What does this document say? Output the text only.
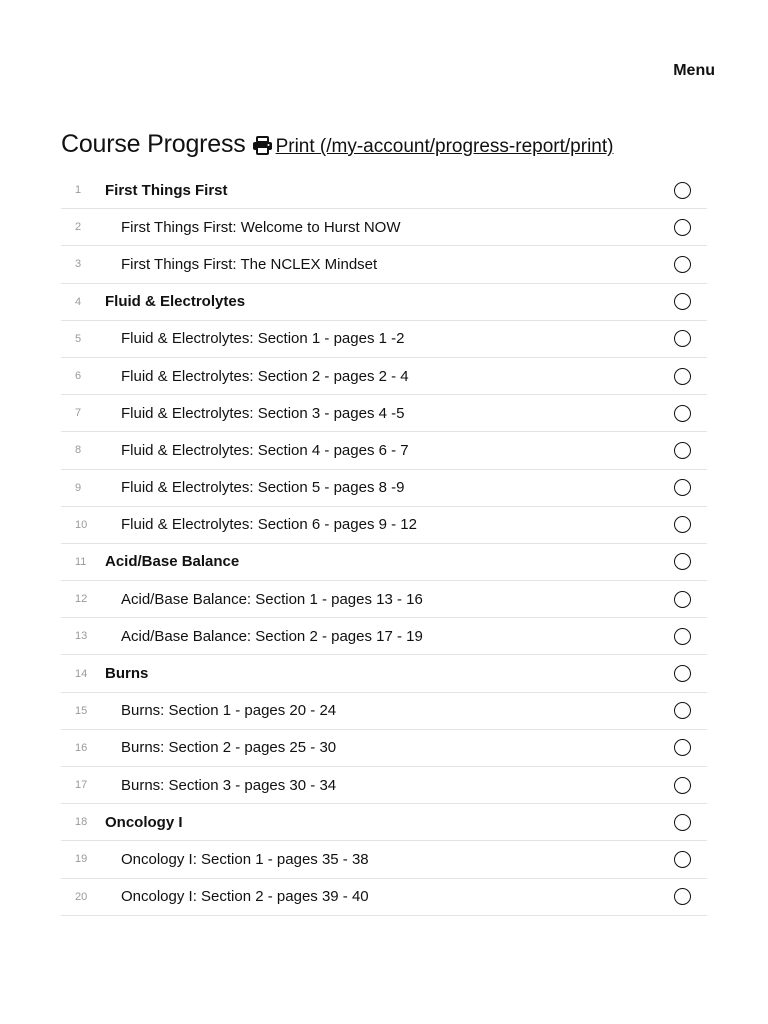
Menu
Course Progress Print (/my-account/progress-report/print)
1	First Things First
2	First Things First: Welcome to Hurst NOW
3	First Things First: The NCLEX Mindset
4	Fluid & Electrolytes
5	Fluid & Electrolytes: Section 1 - pages 1 -2
6	Fluid & Electrolytes: Section 2 - pages 2 - 4
7	Fluid & Electrolytes: Section 3 - pages 4 -5
8	Fluid & Electrolytes: Section 4 - pages 6 - 7
9	Fluid & Electrolytes: Section 5 - pages 8 -9
10	Fluid & Electrolytes: Section 6 - pages 9 - 12
11	Acid/Base Balance
12	Acid/Base Balance: Section 1 - pages 13 - 16
13	Acid/Base Balance: Section 2 - pages 17 - 19
14	Burns
15	Burns: Section 1 - pages 20 - 24
16	Burns: Section 2 - pages 25 - 30
17	Burns: Section 3 - pages 30 - 34
18	Oncology I
19	Oncology I: Section 1 - pages 35 - 38
20	Oncology I: Section 2 - pages 39 - 40
